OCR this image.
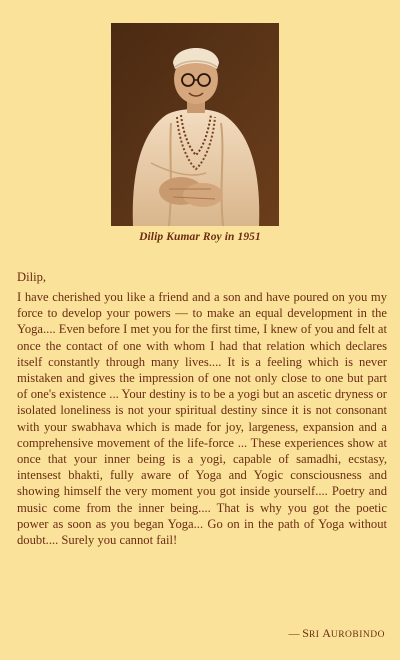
Dilip Kumar Roy in 1951
Dilip,

I have cherished you like a friend and a son and have poured on you my force to develop your powers — to make an equal development in the Yoga.... Even before I met you for the first time, I knew of you and felt at once the contact of one with whom I had that relation which declares itself constantly through many lives.... It is a feeling which is never mistaken and gives the impression of one not only close to one but part of one's existence ... Your destiny is to be a yogi but an ascetic dryness or isolated loneliness is not your spiritual destiny since it is not consonant with your swabhava which is made for joy, largeness, expansion and a comprehensive movement of the life-force ... These experiences show at once that your inner being is a yogi, capable of samadhi, ecstasy, intensest bhakti, fully aware of Yoga and Yogic consciousness and showing himself the very moment you got inside yourself.... Poetry and music come from the inner being.... That is why you got the poetic power as soon as you began Yoga... Go on in the path of Yoga without doubt.... Surely you cannot fail!

— SRI AUROBINDO
